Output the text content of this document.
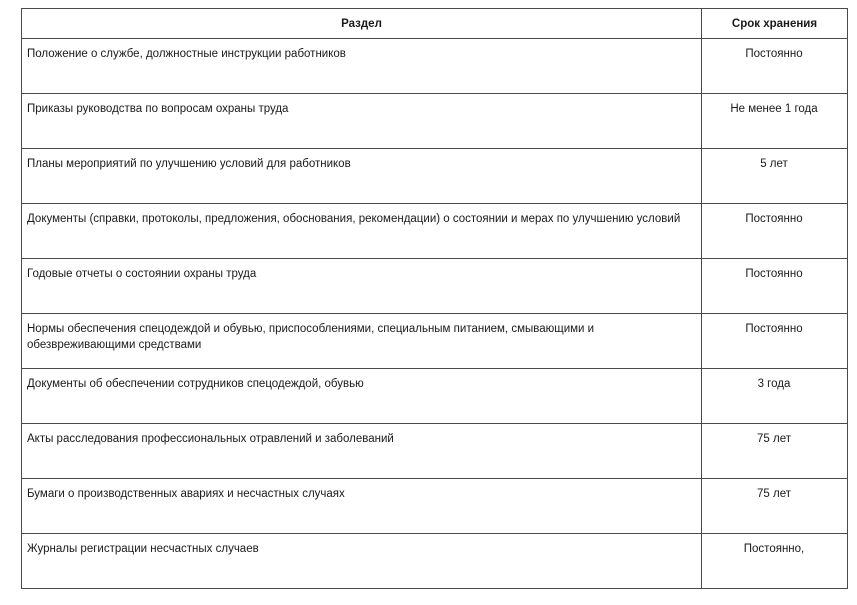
Раздел	Срок хранения
Положение о службе, должностные инструкции работников	Постоянно
Приказы руководства по вопросам охраны труда	Не менее 1 года
Планы мероприятий по улучшению условий для работников	5 лет
Документы (справки, протоколы, предложения, обоснования, рекомендации) о состоянии и мерах по улучшению условий	Постоянно
Годовые отчеты о состоянии охраны труда	Постоянно
Нормы обеспечения спецодеждой и обувью, приспособлениями, специальным питанием, смывающими и обезвреживающими средствами	Постоянно
Документы об обеспечении сотрудников спецодеждой, обувью	3 года
Акты расследования профессиональных отравлений и заболеваний	75 лет
Бумаги о производственных авариях и несчастных случаях	75 лет
Журналы регистрации несчастных случаев	Постоянно,
